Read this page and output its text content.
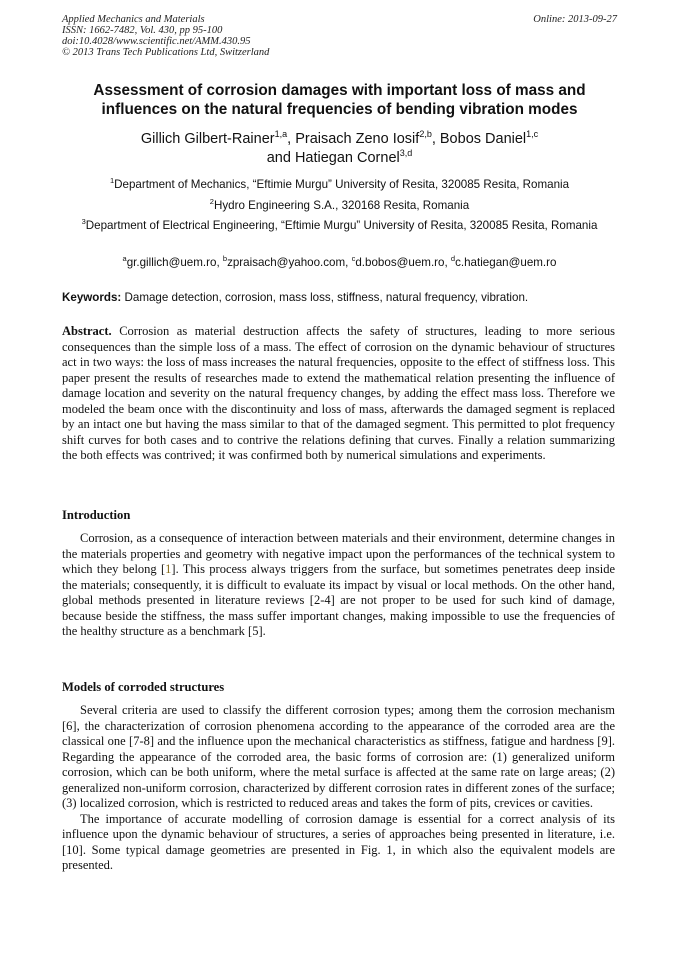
Applied Mechanics and Materials
ISSN: 1662-7482, Vol. 430, pp 95-100
doi:10.4028/www.scientific.net/AMM.430.95
© 2013 Trans Tech Publications Ltd, Switzerland
Online: 2013-09-27
Assessment of corrosion damages with important loss of mass and influences on the natural frequencies of bending vibration modes
Gillich Gilbert-Rainer$^{1,a}$, Praisach Zeno Iosif$^{2,b}$, Bobos Daniel$^{1,c}$
and Hatiegan Cornel$^{3,d}$
$^1$Department of Mechanics, “Eftimie Murgu” University of Resita, 320085 Resita, Romania
$^2$Hydro Engineering S.A., 320168 Resita, Romania
$^3$Department of Electrical Engineering, “Eftimie Murgu” University of Resita, 320085 Resita, Romania
$^a$gr.gillich@uem.ro, $^b$zpraisach@yahoo.com, $^c$d.bobos@uem.ro, $^d$c.hatiegan@uem.ro
Keywords: Damage detection, corrosion, mass loss, stiffness, natural frequency, vibration.

Abstract. Corrosion as material destruction affects the safety of structures, leading to more serious consequences than the simple loss of a mass. The effect of corrosion on the dynamic behaviour of structures act in two ways: the loss of mass increases the natural frequencies, opposite to the effect of stiffness loss. This paper present the results of researches made to extend the mathematical relation presenting the influence of damage location and severity on the natural frequency changes, by adding the effect mass loss. Therefore we modeled the beam once with the discontinuity and loss of mass, afterwards the damaged segment is replaced by an intact one but having the mass similar to that of the damaged segment. This permitted to plot frequency shift curves for both cases and to contrive the relations defining that curves. Finally a relation summarizing the both effects was contrived; it was confirmed both by numerical simulations and experiments.

Introduction

Corrosion, as a consequence of interaction between materials and their environment, determine changes in the materials properties and geometry with negative impact upon the performances of the technical system to which they belong [1]. This process always triggers from the surface, but sometimes penetrates deep inside the materials; consequently, it is difficult to evaluate its impact by visual or local methods. On the other hand, global methods presented in literature reviews [2-4] are not proper to be used for such kind of damage, because beside the stiffness, the mass suffer important changes, making impossible to use the frequencies of the healthy structure as a benchmark [5].

Models of corroded structures

Several criteria are used to classify the different corrosion types; among them the corrosion mechanism [6], the characterization of corrosion phenomena according to the appearance of the corroded area are the classical one [7-8] and the influence upon the mechanical characteristics as stiffness, fatigue and hardness [9]. Regarding the appearance of the corroded area, the basic forms of corrosion are: (1) generalized uniform corrosion, which can be both uniform, where the metal surface is affected at the same rate on large areas; (2) generalized non-uniform corrosion, characterized by different corrosion rates in different zones of the surface; (3) localized corrosion, which is restricted to reduced areas and takes the form of pits, crevices or cavities.

The importance of accurate modelling of corrosion damage is essential for a correct analysis of its influence upon the dynamic behaviour of structures, a series of approaches being presented in literature, i.e. [10]. Some typical damage geometries are presented in Fig. 1, in which also the equivalent models are presented.
